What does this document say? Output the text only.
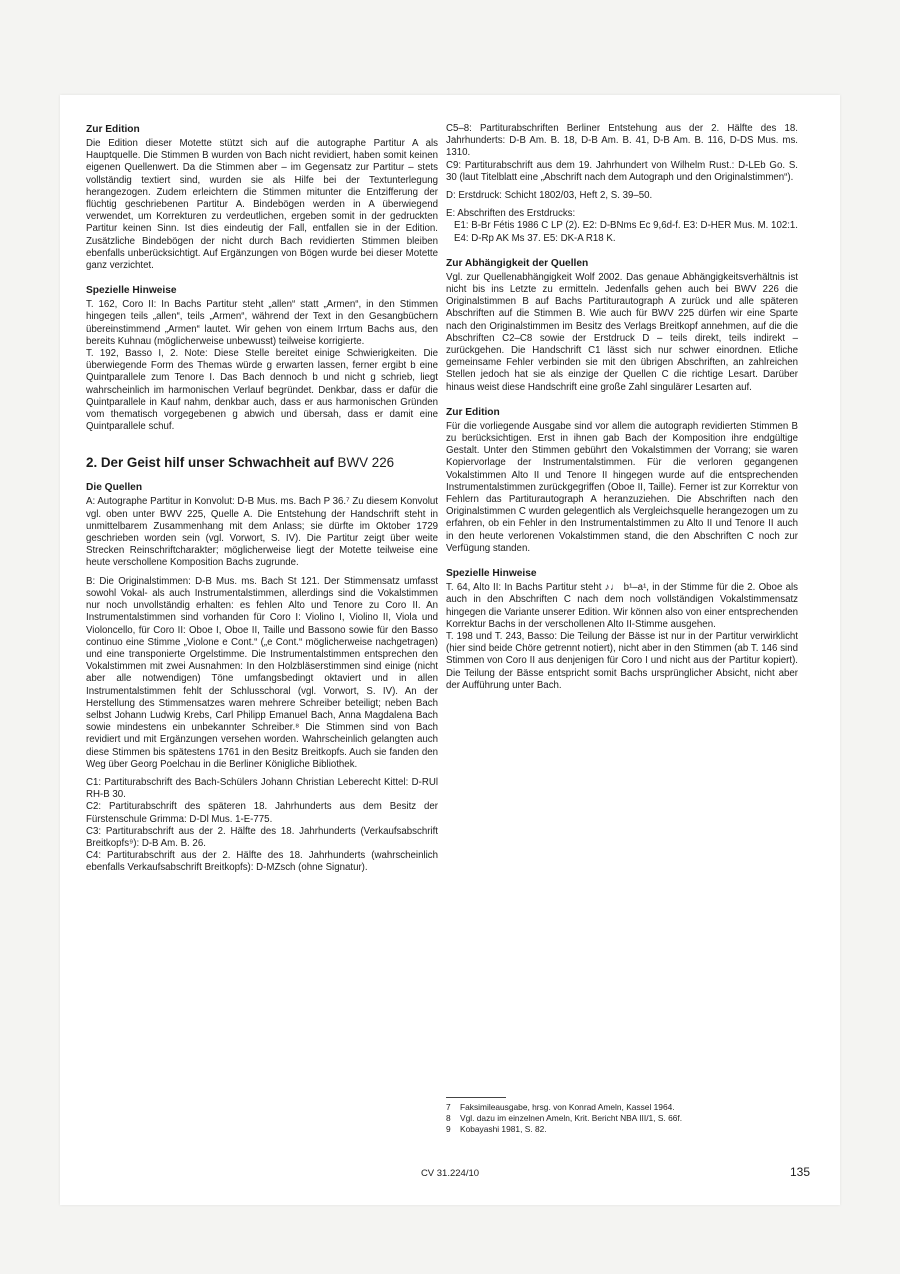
Zur Edition

Die Edition dieser Motette stützt sich auf die autographe Partitur A als Hauptquelle. Die Stimmen B wurden von Bach nicht revidiert, haben somit keinen eigenen Quellenwert. Da die Stimmen aber – im Gegensatz zur Partitur – stets vollständig textiert sind, wurden sie als Hilfe bei der Textunterlegung herangezogen. Zudem erleichtern die Stimmen mitunter die Entzifferung der flüchtig geschriebenen Partitur A. Bindebögen werden in A überwiegend verwendet, um Korrekturen zu verdeutlichen, ergeben somit in der gedruckten Partitur keinen Sinn. Ist dies eindeutig der Fall, entfallen sie in der Edition. Zusätzliche Bindebögen der nicht durch Bach revidierten Stimmen bleiben ebenfalls unberücksichtigt. Auf Ergänzungen von Bögen wurde bei dieser Motette ganz verzichtet.

Spezielle Hinweise

T. 162, Coro II: In Bachs Partitur steht „allen“ statt „Armen“, in den Stimmen hingegen teils „allen“, teils „Armen“, während der Text in den Gesangbüchern übereinstimmend „Armen“ lautet. Wir gehen von einem Irrtum Bachs aus, den bereits Kuhnau (möglicherweise unbewusst) teilweise korrigierte.

T. 192, Basso I, 2. Note: Diese Stelle bereitet einige Schwierigkeiten. Die überwiegende Form des Themas würde g erwarten lassen, ferner ergibt b eine Quintparallele zum Tenore I. Das Bach dennoch b und nicht g schrieb, liegt wahrscheinlich im harmonischen Verlauf begründet. Denkbar, dass er dafür die Quintparallele in Kauf nahm, denkbar auch, dass er aus harmonischen Gründen vom thematisch vorgegebenen g abwich und übersah, dass er damit eine Quintparallele schuf.

2. Der Geist hilf unser Schwachheit auf BWV 226
Die Quellen

A: Autographe Partitur in Konvolut: D-B Mus. ms. Bach P 36.⁷ Zu diesem Konvolut vgl. oben unter BWV 225, Quelle A. Die Entstehung der Handschrift steht in unmittelbarem Zusammenhang mit dem Anlass; sie dürfte im Oktober 1729 geschrieben worden sein (vgl. Vorwort, S. IV). Die Partitur zeigt über weite Strecken Reinschriftcharakter; möglicherweise liegt der Motette teilweise eine heute verschollene Komposition Bachs zugrunde.

B: Die Originalstimmen: D-B Mus. ms. Bach St 121. Der Stimmensatz umfasst sowohl Vokal- als auch Instrumentalstimmen, allerdings sind die Vokalstimmen nur noch unvollständig erhalten: es fehlen Alto und Tenore zu Coro II. An Instrumentalstimmen sind vorhanden für Coro I: Violino I, Violino II, Viola und Violoncello, für Coro II: Oboe I, Oboe II, Taille und Bassono sowie für den Basso continuo eine Stimme „Violone e Cont.“ („e Cont.“ möglicherweise nachgetragen) und eine transponierte Orgelstimme. Die Instrumentalstimmen entsprechen den Vokalstimmen mit zwei Ausnahmen: In den Holzbläserstimmen sind einige (nicht aber alle notwendigen) Töne umfangsbedingt oktaviert und in allen Instrumentalstimmen fehlt der Schlusschoral (vgl. Vorwort, S. IV). An der Herstellung des Stimmensatzes waren mehrere Schreiber beteiligt; neben Bach selbst Johann Ludwig Krebs, Carl Philipp Emanuel Bach, Anna Magdalena Bach sowie mindestens ein unbekannter Schreiber.⁸ Die Stimmen sind von Bach revidiert und mit Ergänzungen versehen worden. Wahrscheinlich gelangten auch diese Stimmen bis spätestens 1761 in den Besitz Breitkopfs. Auch sie fanden den Weg über Georg Poelchau in die Berliner Königliche Bibliothek.

C1: Partiturabschrift des Bach-Schülers Johann Christian Leberecht Kittel: D-RUl RH-B 30.

C2: Partiturabschrift des späteren 18. Jahrhunderts aus dem Besitz der Fürstenschule Grimma: D-Dl Mus. 1-E-775.

C3: Partiturabschrift aus der 2. Hälfte des 18. Jahrhunderts (Verkaufsabschrift Breitkopfs⁹): D-B Am. B. 26.

C4: Partiturabschrift aus der 2. Hälfte des 18. Jahrhunderts (wahrscheinlich ebenfalls Verkaufsabschrift Breitkopfs): D-MZsch (ohne Signatur).

C5–8: Partiturabschriften Berliner Entstehung aus der 2. Hälfte des 18. Jahrhunderts: D-B Am. B. 18, D-B Am. B. 41, D-B Am. B. 116, D-DS Mus. ms. 1310.

C9: Partiturabschrift aus dem 19. Jahrhundert von Wilhelm Rust.: D-LEb Go. S. 30 (laut Titelblatt eine „Abschrift nach dem Autograph und den Originalstimmen“).

D: Erstdruck: Schicht 1802/03, Heft 2, S. 39–50.

E: Abschriften des Erstdrucks:

E1: B-Br Fétis 1986 C LP (2). E2: D-BNms Ec 9,6d-f. E3: D-HER Mus. M. 102:1. E4: D-Rp AK Ms 37. E5: DK-A R18 K.

Zur Abhängigkeit der Quellen

Vgl. zur Quellenabhängigkeit Wolf 2002. Das genaue Abhängigkeitsverhältnis ist nicht bis ins Letzte zu ermitteln. Jedenfalls gehen auch bei BWV 226 die Originalstimmen B auf Bachs Partiturautograph A zurück und alle späteren Abschriften auf die Stimmen B. Wie auch für BWV 225 dürfen wir eine Sparte nach den Originalstimmen im Besitz des Verlags Breitkopf annehmen, auf die die Abschriften C2–C8 sowie der Erstdruck D – teils direkt, teils indirekt – zurückgehen. Die Handschrift C1 lässt sich nur schwer einordnen. Etliche gemeinsame Fehler verbinden sie mit den übrigen Abschriften, an zahlreichen Stellen jedoch hat sie als einzige der Quellen C die richtige Lesart. Darüber hinaus weist diese Handschrift eine große Zahl singulärer Lesarten auf.

Zur Edition

Für die vorliegende Ausgabe sind vor allem die autograph revidierten Stimmen B zu berücksichtigen. Erst in ihnen gab Bach der Komposition ihre endgültige Gestalt. Unter den Stimmen gebührt den Vokalstimmen der Vorrang; sie waren Kopiervorlage der Instrumentalstimmen. Für die verloren gegangenen Vokalstimmen Alto II und Tenore II hingegen wurde auf die entsprechenden Instrumentalstimmen zurückgegriffen (Oboe II, Taille). Ferner ist zur Korrektur von Fehlern das Partiturautograph A heranzuziehen. Die Abschriften nach den Originalstimmen C wurden gelegentlich als Vergleichsquelle herangezogen um zu erfahren, ob ein Fehler in den Instrumentalstimmen zu Alto II und Tenore II auch in den heute verlorenen Vokalstimmen stand, die den Abschriften C noch zur Verfügung standen.

Spezielle Hinweise

T. 64, Alto II: In Bachs Partitur steht ♪♩ b¹–a¹, in der Stimme für die 2. Oboe als auch in den Abschriften C nach dem noch vollständigen Vokalstimmensatz hingegen die Variante unserer Edition. Wir können also von einer entsprechenden Korrektur Bachs in der verschollenen Alto II-Stimme ausgehen.

T. 198 und T. 243, Basso: Die Teilung der Bässe ist nur in der Partitur verwirklicht (hier sind beide Chöre getrennt notiert), nicht aber in den Stimmen (ab T. 146 sind Stimmen von Coro II aus denjenigen für Coro I und nicht aus der Partitur kopiert). Die Teilung der Bässe entspricht somit Bachs ursprünglicher Absicht, nicht aber der Aufführung unter Bach.

7	Faksimileausgabe, hrsg. von Konrad Ameln, Kassel 1964.
8	Vgl. dazu im einzelnen Ameln, Krit. Bericht NBA III/1, S. 66f.
9	Kobayashi 1981, S. 82.
CV 31.224/10	135
